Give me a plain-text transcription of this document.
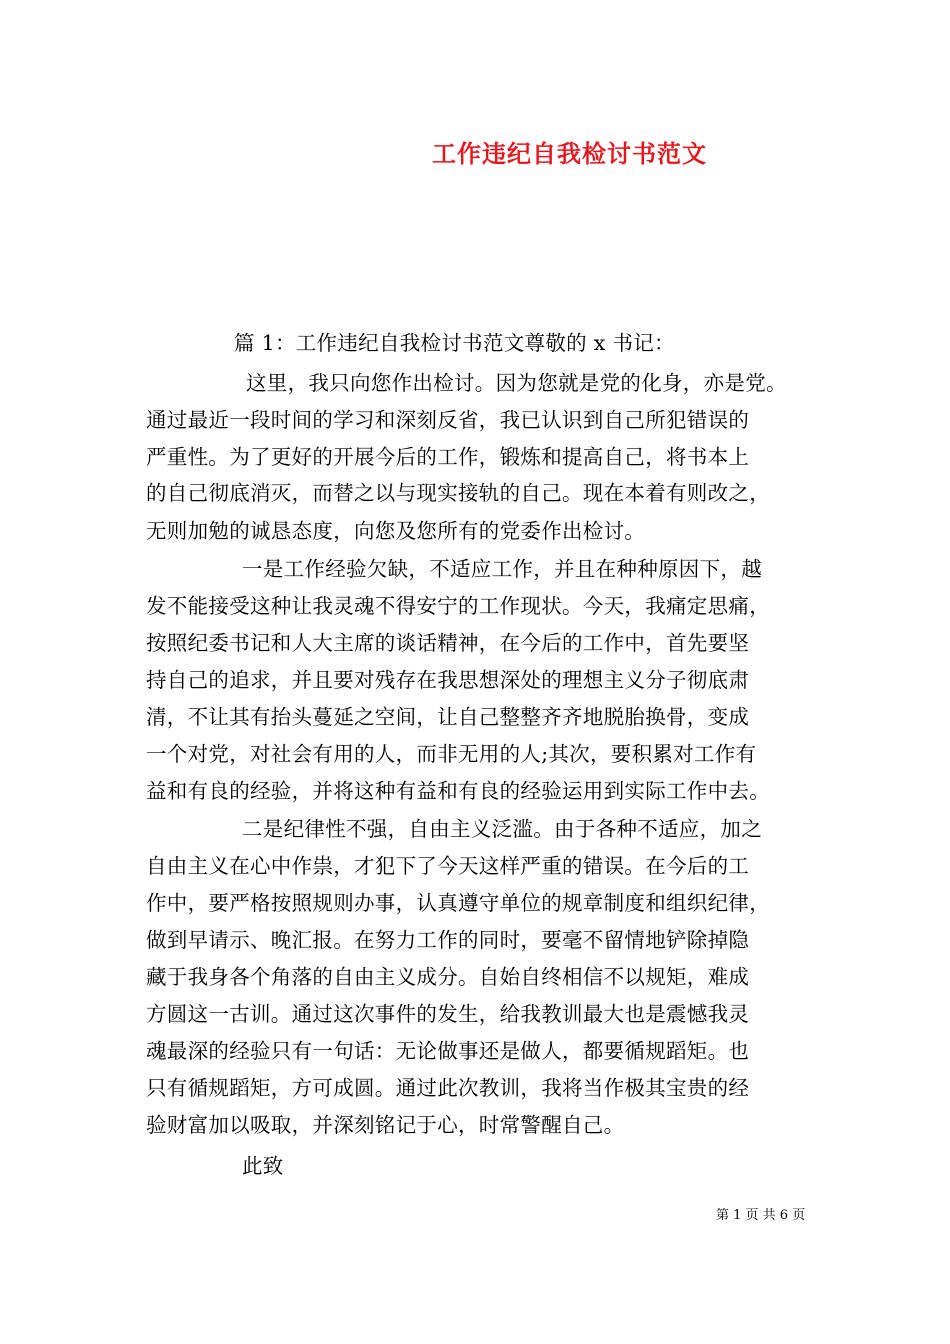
工作违纪自我检讨书范文
篇 1：工作违纪自我检讨书范文尊敬的 x 书记：
这里，我只向您作出检讨。因为您就是党的化身，亦是党。
通过最近一段时间的学习和深刻反省，我已认识到自己所犯错误的
严重性。为了更好的开展今后的工作，锻炼和提高自己，将书本上
的自己彻底消灭，而替之以与现实接轨的自己。现在本着有则改之，
无则加勉的诚恳态度，向您及您所有的党委作出检讨。
一是工作经验欠缺，不适应工作，并且在种种原因下，越
发不能接受这种让我灵魂不得安宁的工作现状。今天，我痛定思痛，
按照纪委书记和人大主席的谈话精神，在今后的工作中，首先要坚
持自己的追求，并且要对残存在我思想深处的理想主义分子彻底肃
清，不让其有抬头蔓延之空间，让自己整整齐齐地脱胎换骨，变成
一个对党，对社会有用的人，而非无用的人;其次，要积累对工作有
益和有良的经验，并将这种有益和有良的经验运用到实际工作中去。
二是纪律性不强，自由主义泛滥。由于各种不适应，加之
自由主义在心中作祟，才犯下了今天这样严重的错误。在今后的工
作中，要严格按照规则办事，认真遵守单位的规章制度和组织纪律，
做到早请示、晚汇报。在努力工作的同时，要毫不留情地铲除掉隐
藏于我身各个角落的自由主义成分。自始自终相信不以规矩，难成
方圆这一古训。通过这次事件的发生，给我教训最大也是震憾我灵
魂最深的经验只有一句话：无论做事还是做人，都要循规蹈矩。也
只有循规蹈矩，方可成圆。通过此次教训，我将当作极其宝贵的经
验财富加以吸取，并深刻铭记于心，时常警醒自己。
此致
第 1 页 共 6 页
